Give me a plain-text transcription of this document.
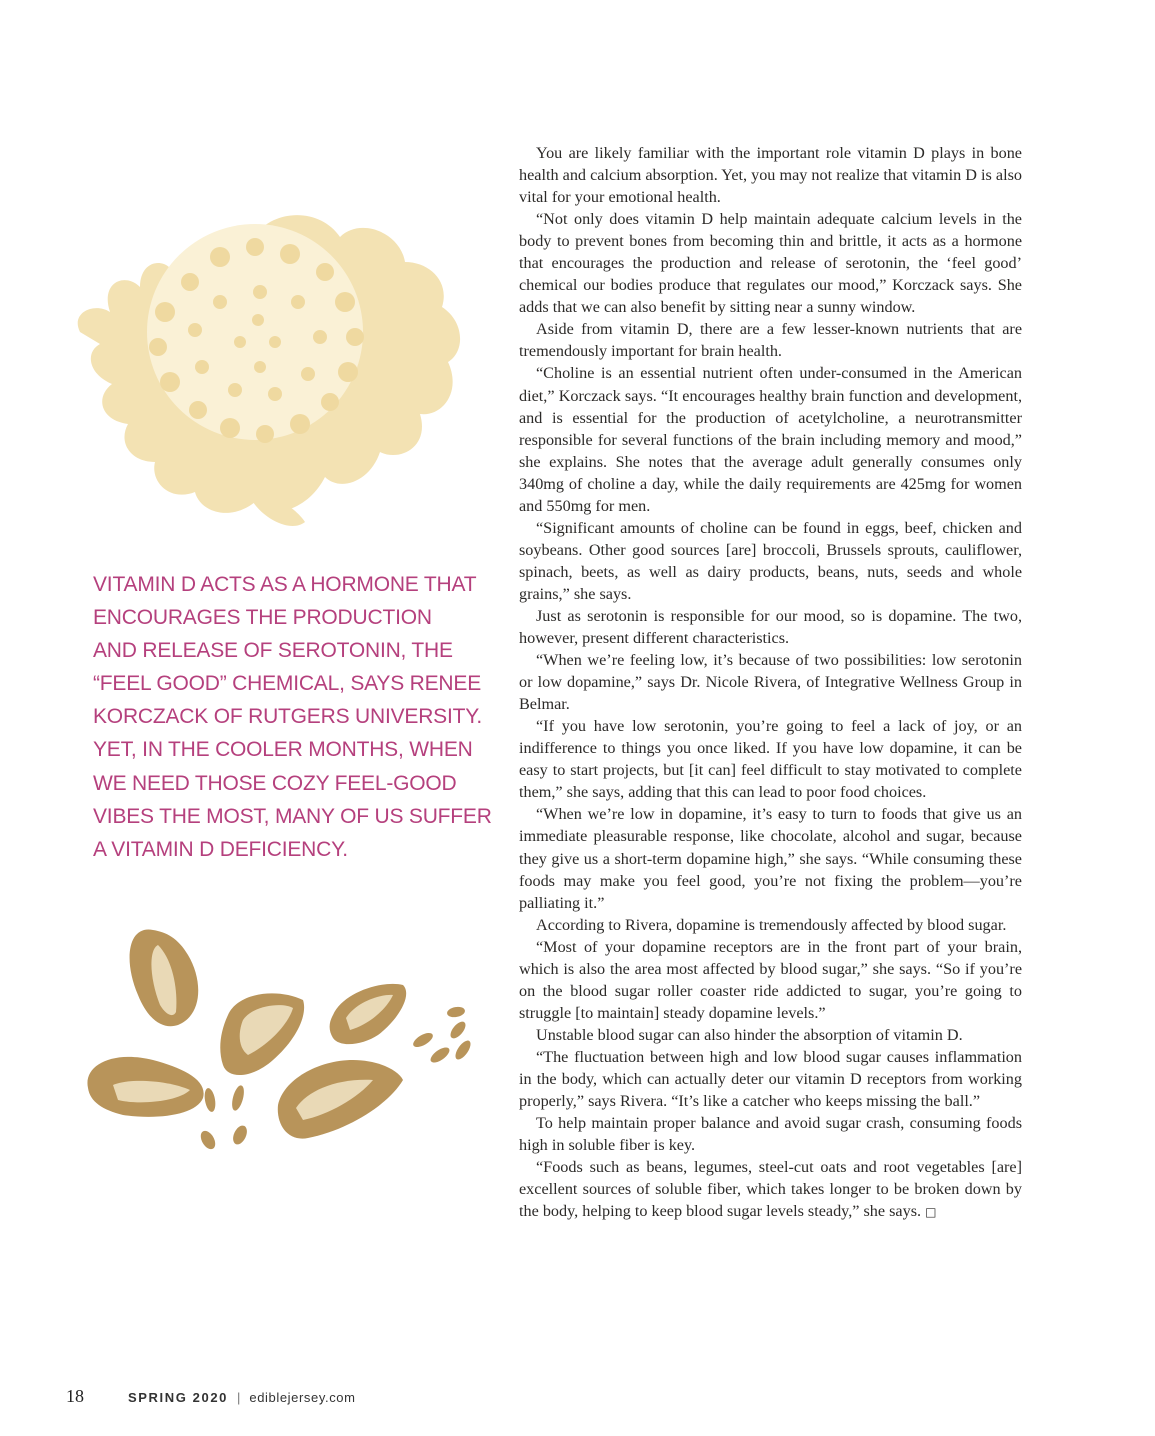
VITAMIN D ACTS AS A HORMONE THAT
ENCOURAGES THE PRODUCTION
AND RELEASE OF SEROTONIN, THE
“FEEL GOOD” CHEMICAL, SAYS RENEE
KORCZACK OF RUTGERS UNIVERSITY.
YET, IN THE COOLER MONTHS, WHEN
WE NEED THOSE COZY FEEL-GOOD
VIBES THE MOST, MANY OF US SUFFER
A VITAMIN D DEFICIENCY.

You are likely familiar with the important role vitamin D plays in bone health and calcium absorption. Yet, you may not realize that vitamin D is also vital for your emotional health.

“Not only does vitamin D help maintain adequate calcium levels in the body to prevent bones from becoming thin and brittle, it acts as a hormone that encourages the production and release of serotonin, the ‘feel good’ chemical our bodies produce that regulates our mood,” Korczack says. She adds that we can also benefit by sitting near a sunny window.

Aside from vitamin D, there are a few lesser-known nutrients that are tremendously important for brain health.

“Choline is an essential nutrient often under-consumed in the American diet,” Korczack says. “It encourages healthy brain function and development, and is essential for the production of acetylcholine, a neurotransmitter responsible for several functions of the brain including memory and mood,” she explains. She notes that the average adult generally consumes only 340mg of choline a day, while the daily requirements are 425mg for women and 550mg for men.

“Significant amounts of choline can be found in eggs, beef, chicken and soybeans. Other good sources [are] broccoli, Brussels sprouts, cauliflower, spinach, beets, as well as dairy products, beans, nuts, seeds and whole grains,” she says.

Just as serotonin is responsible for our mood, so is dopamine. The two, however, present different characteristics.

“When we’re feeling low, it’s because of two possibilities: low serotonin or low dopamine,” says Dr. Nicole Rivera, of Integrative Wellness Group in Belmar.

“If you have low serotonin, you’re going to feel a lack of joy, or an indifference to things you once liked. If you have low dopamine, it can be easy to start projects, but [it can] feel difficult to stay motivated to complete them,” she says, adding that this can lead to poor food choices.

“When we’re low in dopamine, it’s easy to turn to foods that give us an immediate pleasurable response, like chocolate, alcohol and sugar, because they give us a short-term dopamine high,” she says. “While consuming these foods may make you feel good, you’re not fixing the problem—you’re palliating it.”

According to Rivera, dopamine is tremendously affected by blood sugar.

“Most of your dopamine receptors are in the front part of your brain, which is also the area most affected by blood sugar,” she says. “So if you’re on the blood sugar roller coaster ride addicted to sugar, you’re going to struggle [to maintain] steady dopamine levels.”

Unstable blood sugar can also hinder the absorption of vitamin D.

“The fluctuation between high and low blood sugar causes inflammation in the body, which can actually deter our vitamin D receptors from working properly,” says Rivera. “It’s like a catcher who keeps missing the ball.”

To help maintain proper balance and avoid sugar crash, consuming foods high in soluble fiber is key.

“Foods such as beans, legumes, steel-cut oats and root vegetables [are] excellent sources of soluble fiber, which takes longer to be broken down by the body, helping to keep blood sugar levels steady,” she says. □

18	SPRING 2020 | ediblejersey.com
